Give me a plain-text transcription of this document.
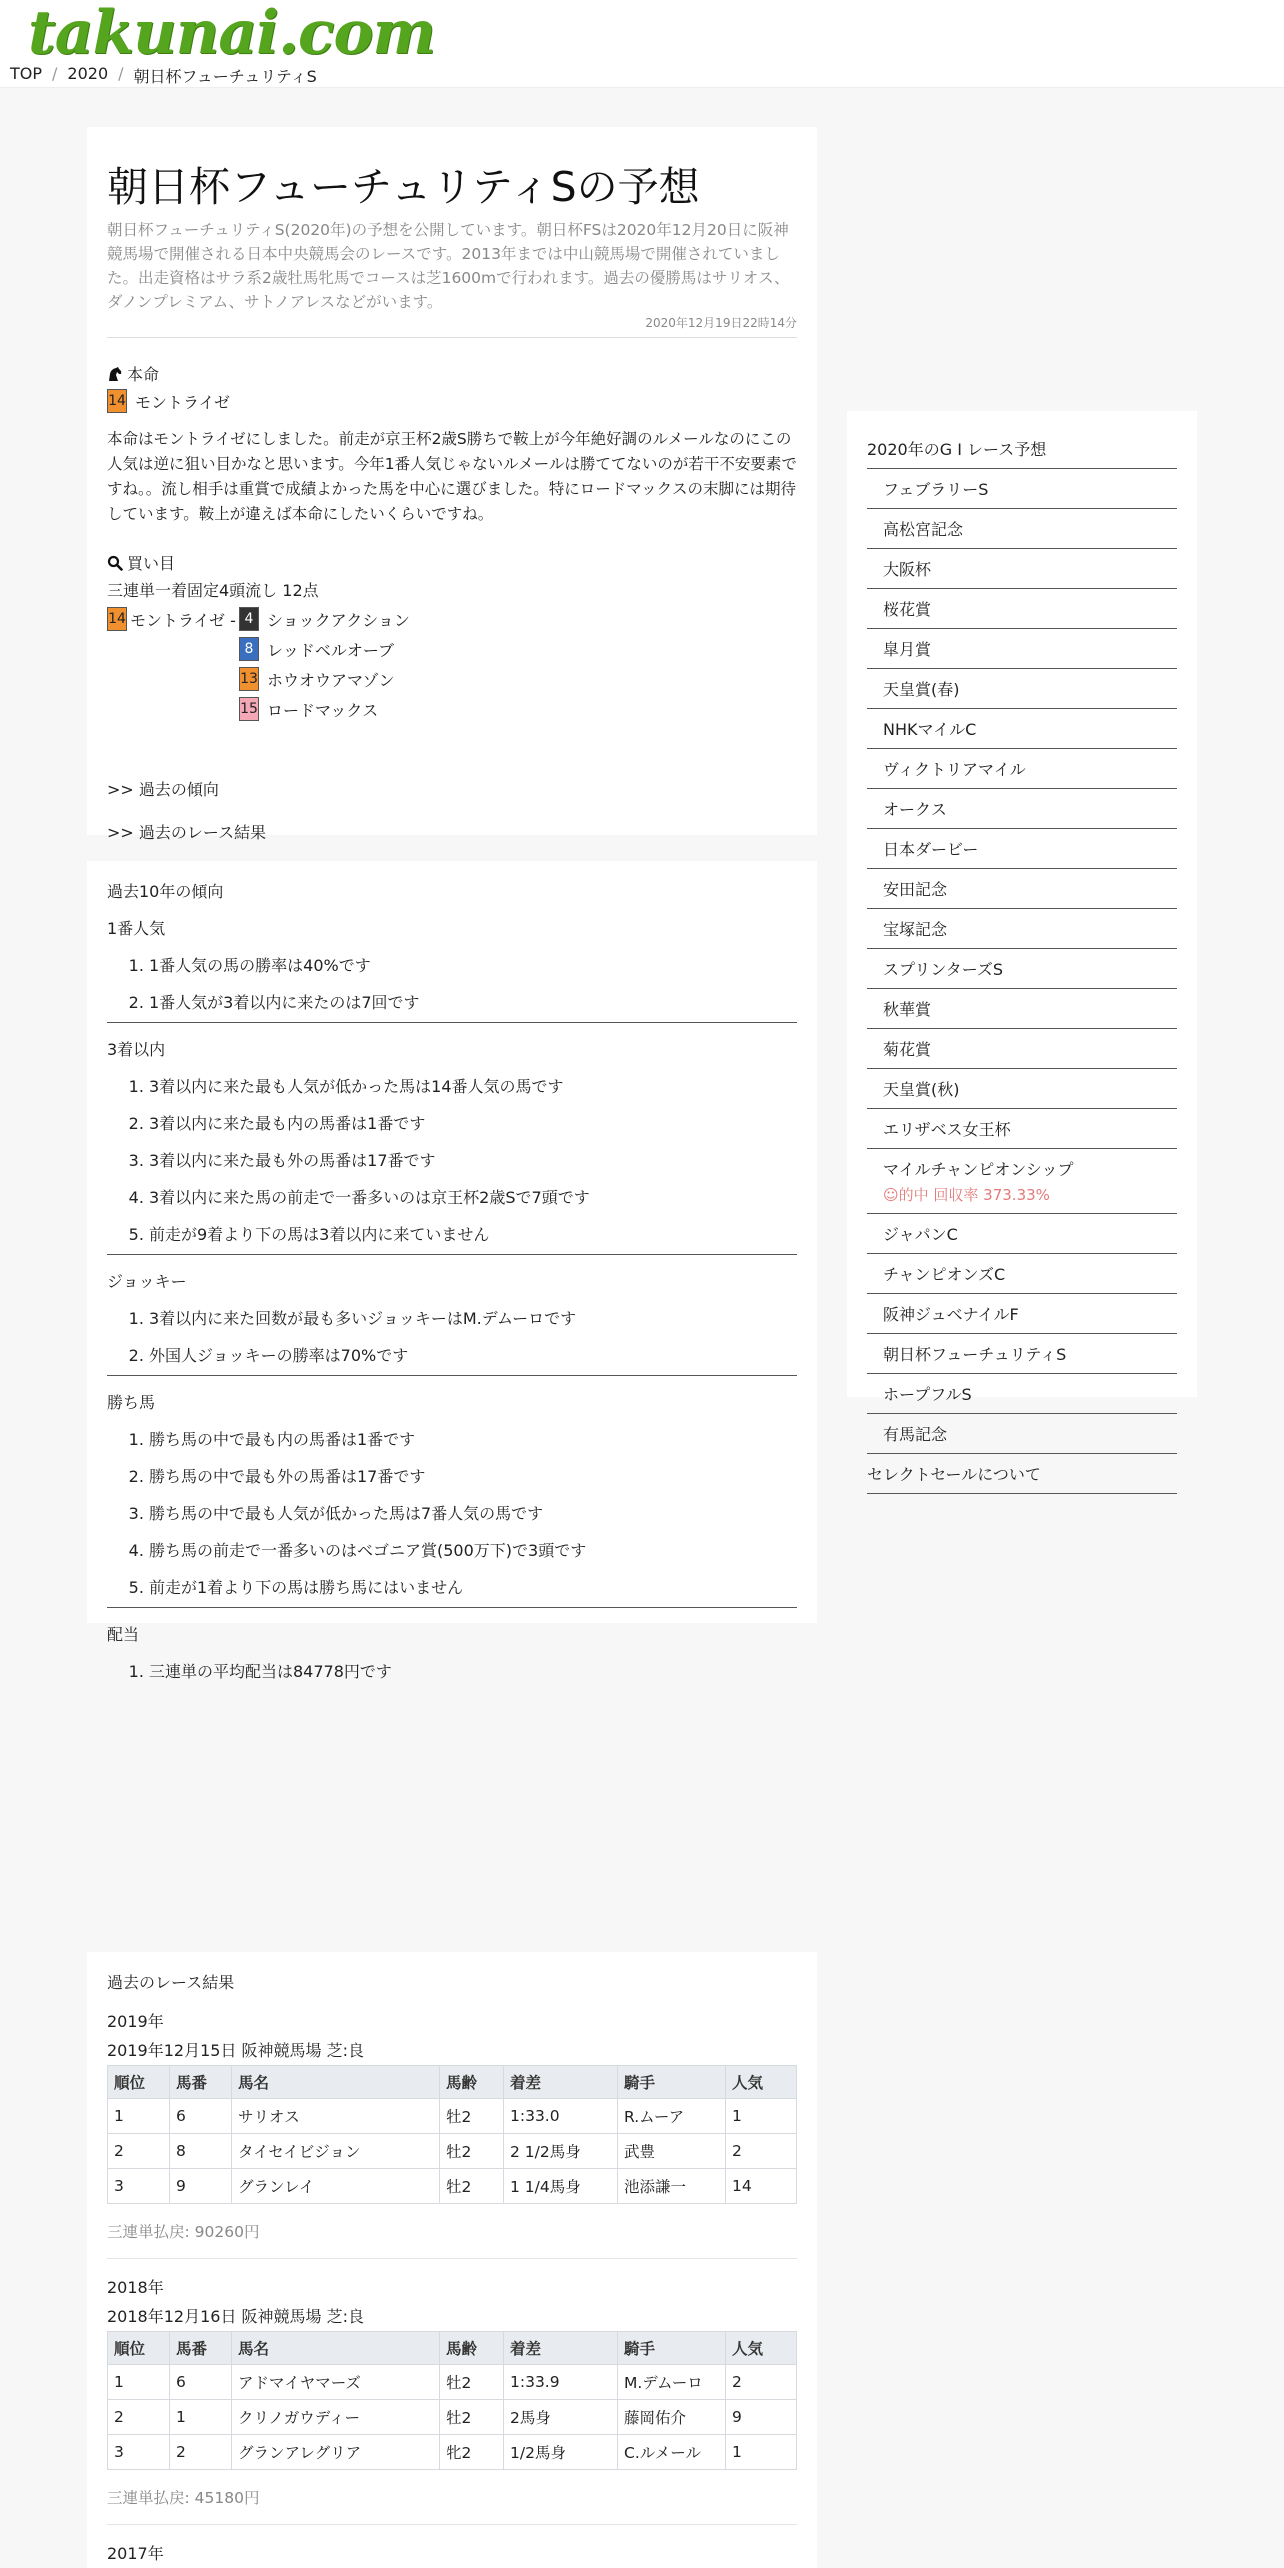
takunai.com
TOP / 2020 / 朝日杯フューチュリティS
朝日杯フューチュリティSの予想

朝日杯フューチュリティS(2020年)の予想を公開しています。朝日杯FSは2020年12月20日に阪神競馬場で開催される日本中央競馬会のレースです。2013年までは中山競馬場で開催されていました。出走資格はサラ系2歳牡馬牝馬でコースは芝1600mで行われます。過去の優勝馬はサリオス、ダノンプレミアム、サトノアレスなどがいます。

2020年12月19日22時14分
本命
14 モントライゼ

本命はモントライゼにしました。前走が京王杯2歳S勝ちで鞍上が今年絶好調のルメールなのにこの人気は逆に狙い目かなと思います。今年1番人気じゃないルメールは勝ててないのが若干不安要素ですね。。流し相手は重賞で成績よかった馬を中心に選びました。特にロードマックスの末脚には期待しています。鞍上が違えば本命にしたいくらいですね。

買い目
三連単一着固定4頭流し 12点
14 モントライゼ - 4 ショックアクション
8 レッドベルオーブ
13 ホウオウアマゾン
15 ロードマックス
>> 過去の傾向
>> 過去のレース結果
過去10年の傾向
1番人気
1. 1番人気の馬の勝率は40%です
2. 1番人気が3着以内に来たのは7回です
3着以内
1. 3着以内に来た最も人気が低かった馬は14番人気の馬です
2. 3着以内に来た最も内の馬番は1番です
3. 3着以内に来た最も外の馬番は17番です
4. 3着以内に来た馬の前走で一番多いのは京王杯2歳Sで7頭です
5. 前走が9着より下の馬は3着以内に来ていません
ジョッキー
1. 3着以内に来た回数が最も多いジョッキーはM.デムーロです
2. 外国人ジョッキーの勝率は70%です
勝ち馬
1. 勝ち馬の中で最も内の馬番は1番です
2. 勝ち馬の中で最も外の馬番は17番です
3. 勝ち馬の中で最も人気が低かった馬は7番人気の馬です
4. 勝ち馬の前走で一番多いのはベゴニア賞(500万下)で3頭です
5. 前走が1着より下の馬は勝ち馬にはいません
配当
1. 三連単の平均配当は84778円です
過去のレース結果
2019年
2019年12月15日 阪神競馬場 芝:良
順位	馬番	馬名	馬齢	着差	騎手	人気
1	6	サリオス	牡2	1:33.0	R.ムーア	1
2	8	タイセイビジョン	牡2	2 1/2馬身	武豊	2
3	9	グランレイ	牡2	1 1/4馬身	池添謙一	14
三連単払戻: 90260円
2018年
2018年12月16日 阪神競馬場 芝:良
順位	馬番	馬名	馬齢	着差	騎手	人気
1	6	アドマイヤマーズ	牡2	1:33.9	M.デムーロ	2
2	1	クリノガウディー	牡2	2馬身	藤岡佑介	9
3	2	グランアレグリア	牝2	1/2馬身	C.ルメール	1
三連単払戻: 45180円
2017年
2020年のG I レース予想
フェブラリーS
高松宮記念
大阪杯
桜花賞
皐月賞
天皇賞(春)
NHKマイルC
ヴィクトリアマイル
オークス
日本ダービー
安田記念
宝塚記念
スプリンターズS
秋華賞
菊花賞
天皇賞(秋)
エリザベス女王杯
マイルチャンピオンシップ
☺的中 回収率 373.33%
ジャパンC
チャンピオンズC
阪神ジュベナイルF
朝日杯フューチュリティS
ホープフルS
有馬記念
セレクトセールについて
